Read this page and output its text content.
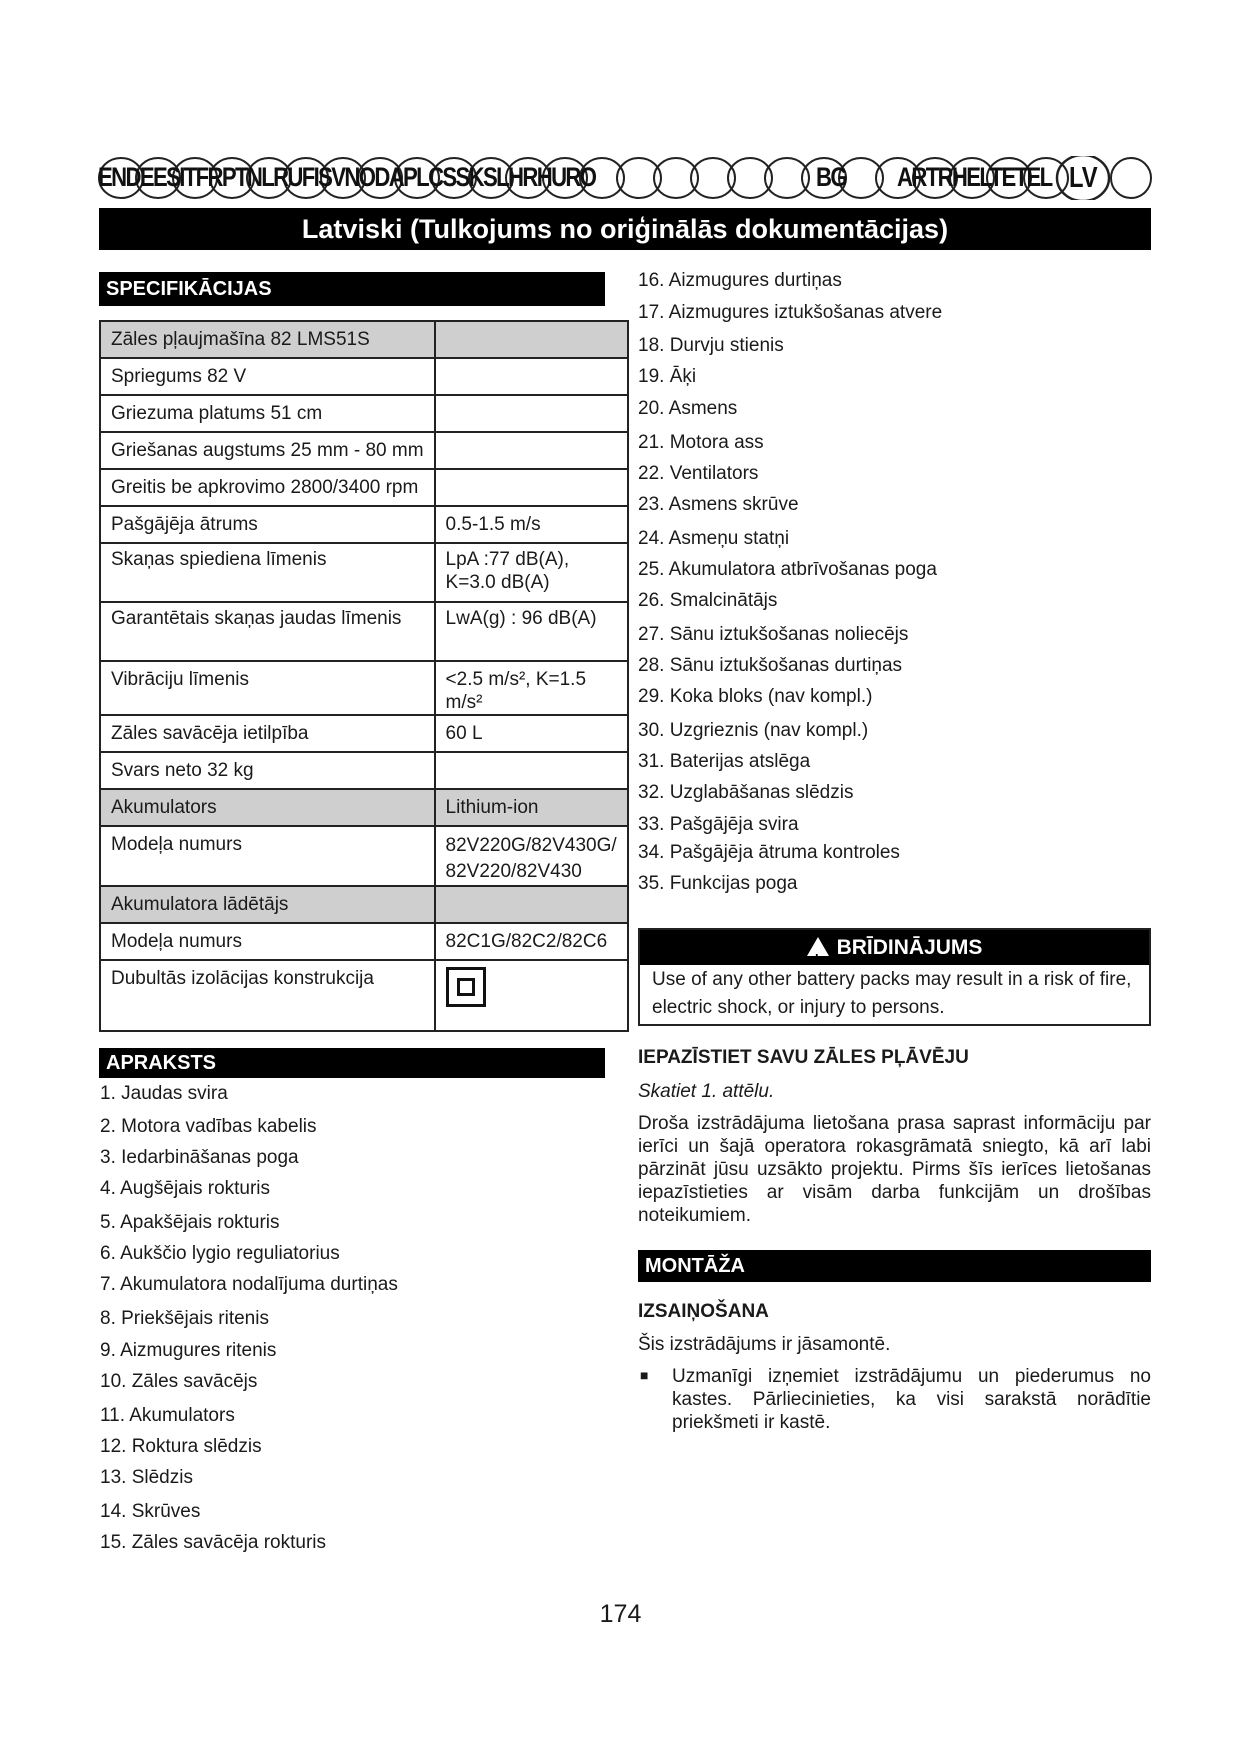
ENDEESITFRPTNLRUFISVNODAPLCSSKSLHRHURO	BG ARTRHELTETEL LV
Latviski (Tulkojums no oriģinālās dokumentācijas)
SPECIFIKĀCIJAS
Zāles pļaujmašīna 82 LMS51S	
Spriegums 82 V	
Griezuma platums 51 cm	
Griešanas augstums 25 mm - 80 mm	
Greitis be apkrovimo 2800/3400 rpm	
Pašgājēja ātrums	0.5-1.5 m/s
Skaņas spiediena līmenis	LpA :77 dB(A), K=3.0 dB(A)
Garantētais skaņas jaudas līmenis	LwA(g) : 96 dB(A)
Vibrāciju līmenis	<2.5 m/s², K=1.5 m/s²
Zāles savācēja ietilpība	60 L
Svars neto 32 kg	
Akumulators	Lithium-ion
Modeļa numurs	82V220G/82V430G/ 82V220/82V430
Akumulatora lādētājs	
Modeļa numurs	82C1G/82C2/82C6
Dubultās izolācijas konstrukcija	
APRAKSTS
1. Jaudas svira
2. Motora vadības kabelis
3. Iedarbināšanas poga
4. Augšējais rokturis
5. Apakšējais rokturis
6. Aukščio lygio reguliatorius
7. Akumulatora nodalījuma durtiņas
8. Priekšējais ritenis
9. Aizmugures ritenis
10. Zāles savācējs
11. Akumulators
12. Roktura slēdzis
13. Slēdzis
14. Skrūves
15. Zāles savācēja rokturis
16. Aizmugures durtiņas
17. Aizmugures iztukšošanas atvere
18. Durvju stienis
19. Āķi
20. Asmens
21. Motora ass
22. Ventilators
23. Asmens skrūve
24. Asmeņu statņi
25. Akumulatora atbrīvošanas poga
26. Smalcinātājs
27. Sānu iztukšošanas noliecējs
28. Sānu iztukšošanas durtiņas
29. Koka bloks (nav kompl.)
30. Uzgrieznis (nav kompl.)
31. Baterijas atslēga
32. Uzglabāšanas slēdzis
33. Pašgājēja svira
34. Pašgājēja ātruma kontroles
35. Funkcijas poga
!BRĪDINĀJUMS
Use of any other battery packs may result in a risk of fire, electric shock, or injury to persons.
IEPAZĪSTIET SAVU ZĀLES PĻĀVĒJU
Skatiet 1. attēlu.
Droša izstrādājuma lietošana prasa saprast informāciju par ierīci un šajā operatora rokasgrāmatā sniegto, kā arī labi pārzināt jūsu uzsākto projektu. Pirms šīs ierīces lietošanas iepazīstieties ar visām darba funkcijām un drošības noteikumiem.
MONTĀŽA
IZSAIŅOŠANA
Šis izstrādājums ir jāsamontē.
■ Uzmanīgi izņemiet izstrādājumu un piederumus no kastes. Pārliecinieties, ka visi sarakstā norādītie priekšmeti ir kastē.
174
